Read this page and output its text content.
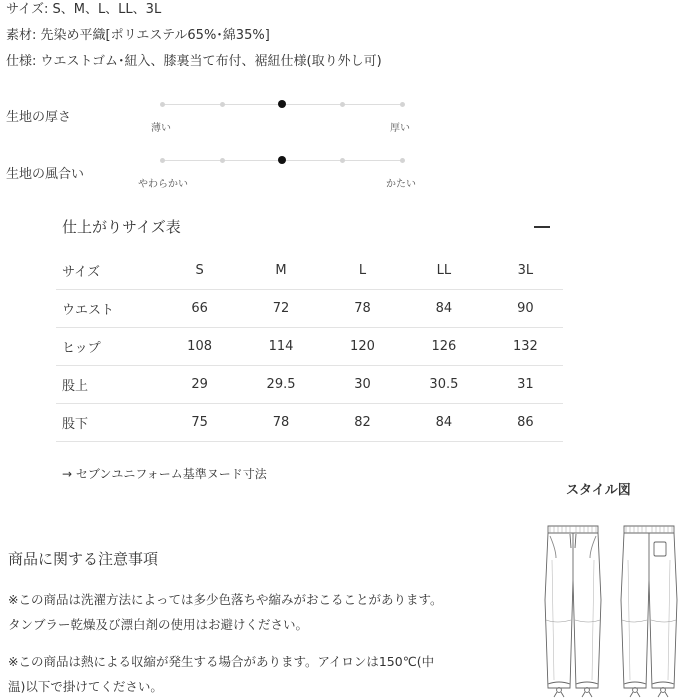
サイズ: S、M、L、LL、3L
素材: 先染め平織[ポリエステル65%･綿35%]
仕様: ウエストゴム･紐入、膝裏当て布付、裾紐仕様(取り外し可)
生地の厚さ
薄い	厚い
生地の風合い
やわらかい	かたい
仕上がりサイズ表
サイズ	S	M	L	LL	3L
ウエスト	66	72	78	84	90
ヒップ	108	114	120	126	132
股上	29	29.5	30	30.5	31
股下	75	78	82	84	86
→ セブンユニフォーム基準ヌード寸法
スタイル図
商品に関する注意事項
※この商品は洗濯方法によっては多少色落ちや縮みがおこることがあります。
タンブラー乾燥及び漂白剤の使用はお避けください。
※この商品は熱による収縮が発生する場合があります。アイロンは150℃(中
温)以下で掛けてください。
